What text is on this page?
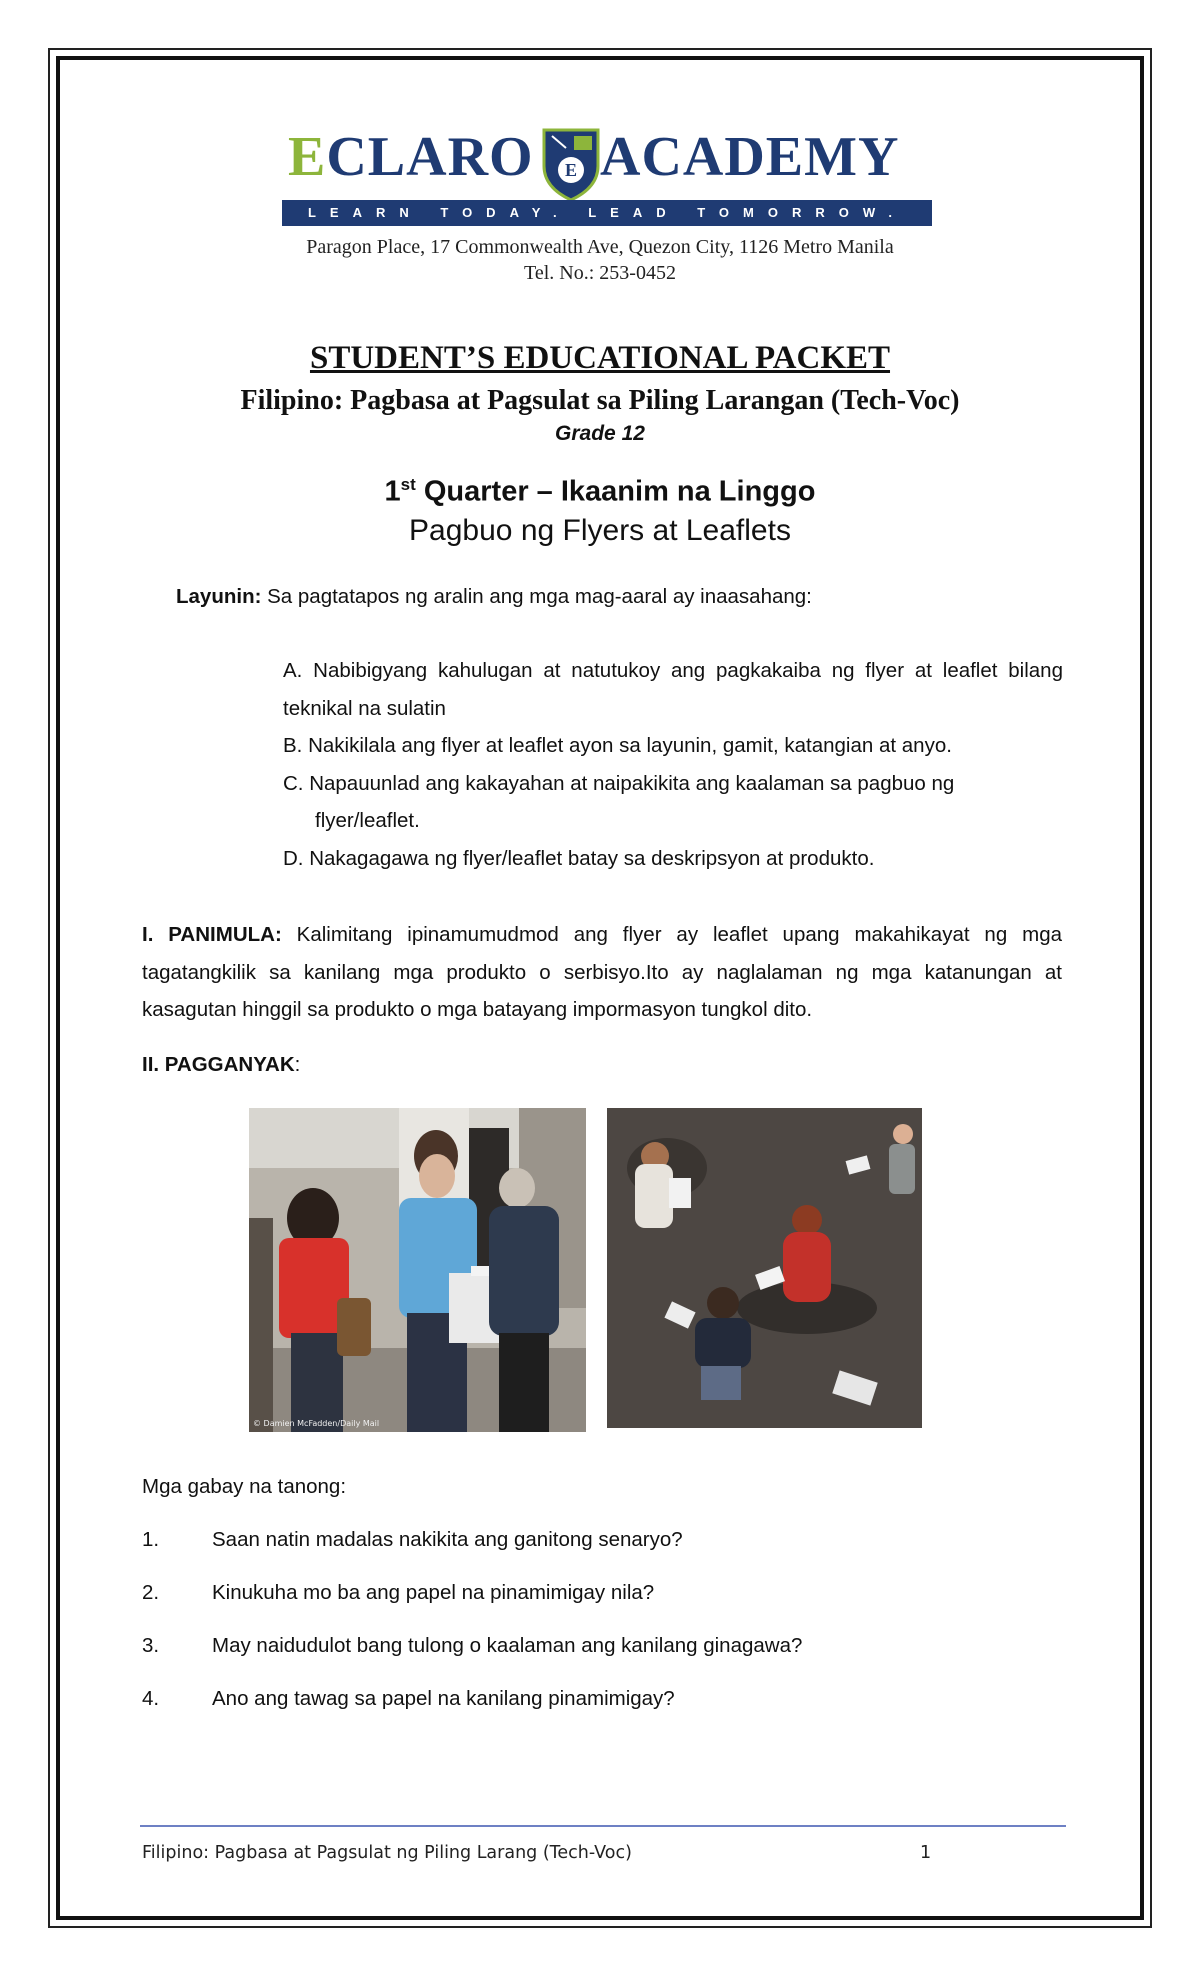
ECLARO E ACADEMY
LEARN TODAY. LEAD TOMORROW.
Paragon Place, 17 Commonwealth Ave, Quezon City, 1126 Metro Manila
Tel. No.: 253-0452
STUDENT’S EDUCATIONAL PACKET
Filipino: Pagbasa at Pagsulat sa Piling Larangan (Tech-Voc)
Grade 12
1st Quarter – Ikaanim na Linggo
Pagbuo ng Flyers at Leaflets
Layunin: Sa pagtatapos ng aralin ang mga mag-aaral ay inaasahang:
A. Nabibigyang kahulugan at natutukoy ang pagkakaiba ng flyer at leaflet bilang teknikal na sulatin
B. Nakikilala ang flyer at leaflet ayon sa layunin, gamit, katangian at anyo.
C. Napauunlad ang kakayahan at naipakikita ang kaalaman sa pagbuo ng
flyer/leaflet.
D. Nakagagawa ng flyer/leaflet batay sa deskripsyon at produkto.
I. PANIMULA: Kalimitang ipinamumudmod ang flyer ay leaflet upang makahikayat ng mga tagatangkilik sa kanilang mga produkto o serbisyo.Ito ay naglalaman ng mga katanungan at kasagutan hinggil sa produkto o mga batayang impormasyon tungkol dito.
II. PAGGANYAK:
© Damien McFadden/Daily Mail
Mga gabay na tanong:
1.	Saan natin madalas nakikita ang ganitong senaryo?
2.	Kinukuha mo ba ang papel na pinamimigay nila?
3.	May naidudulot bang tulong o kaalaman ang kanilang ginagawa?
4.	Ano ang tawag sa papel na kanilang pinamimigay?
Filipino: Pagbasa at Pagsulat ng Piling Larang (Tech-Voc)	1
